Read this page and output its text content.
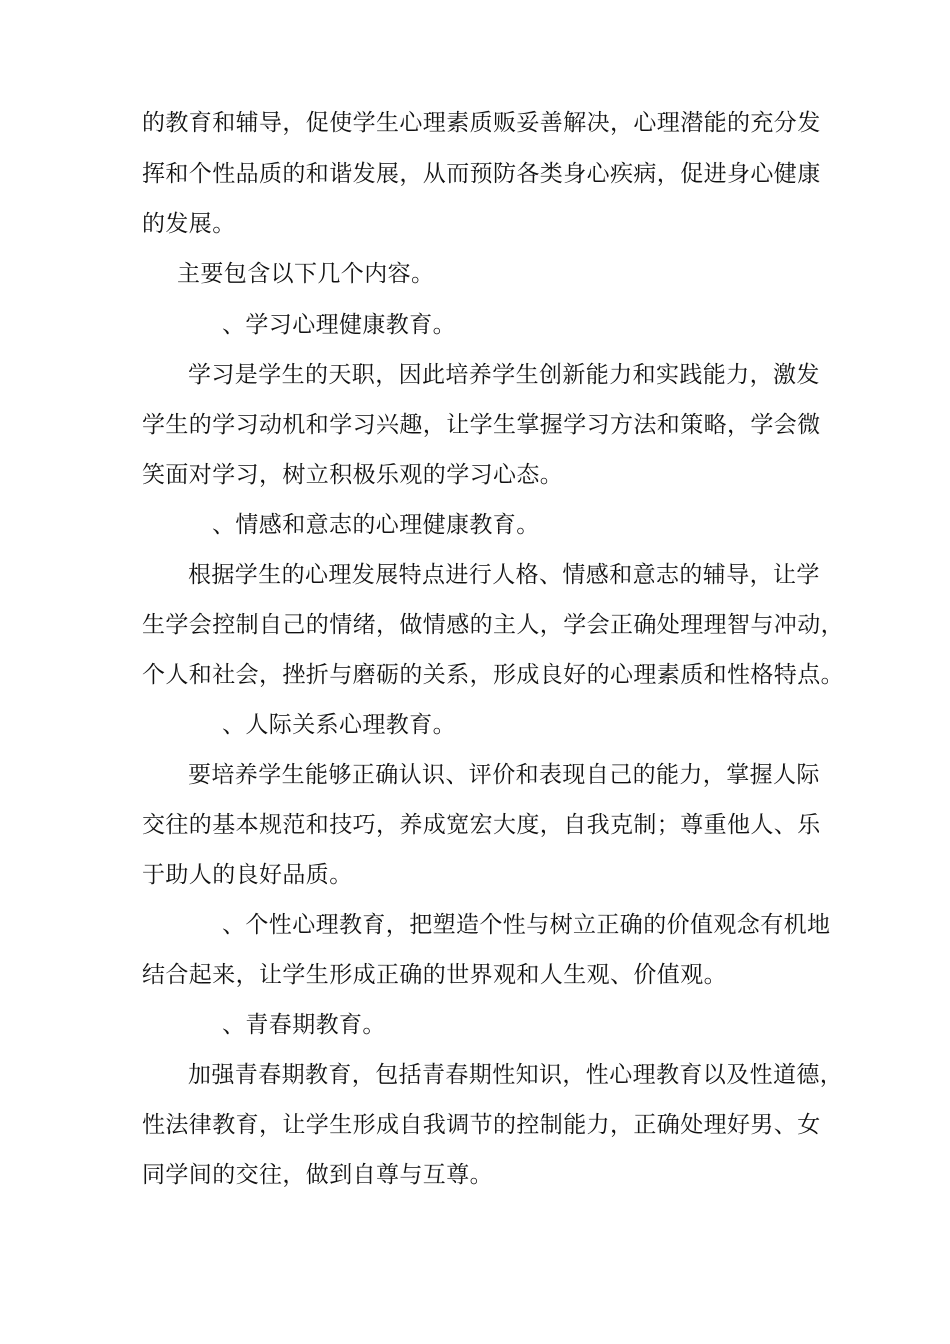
的教育和辅导，促使学生心理素质贩妥善解决，心理潜能的充分发
挥和个性品质的和谐发展，从而预防各类身心疾病，促进身心健康
的发展。
主要包含以下几个内容。
、学习心理健康教育。
学习是学生的天职，因此培养学生创新能力和实践能力，激发
学生的学习动机和学习兴趣，让学生掌握学习方法和策略，学会微
笑面对学习，树立积极乐观的学习心态。
、情感和意志的心理健康教育。
根据学生的心理发展特点进行人格、情感和意志的辅导，让学
生学会控制自己的情绪，做情感的主人，学会正确处理理智与冲动，
个人和社会，挫折与磨砺的关系，形成良好的心理素质和性格特点。
、人际关系心理教育。
要培养学生能够正确认识、评价和表现自己的能力，掌握人际
交往的基本规范和技巧，养成宽宏大度，自我克制；尊重他人、乐
于助人的良好品质。
、个性心理教育，把塑造个性与树立正确的价值观念有机地
结合起来，让学生形成正确的世界观和人生观、价值观。
、青春期教育。
加强青春期教育，包括青春期性知识，性心理教育以及性道德，
性法律教育，让学生形成自我调节的控制能力，正确处理好男、女
同学间的交往，做到自尊与互尊。
